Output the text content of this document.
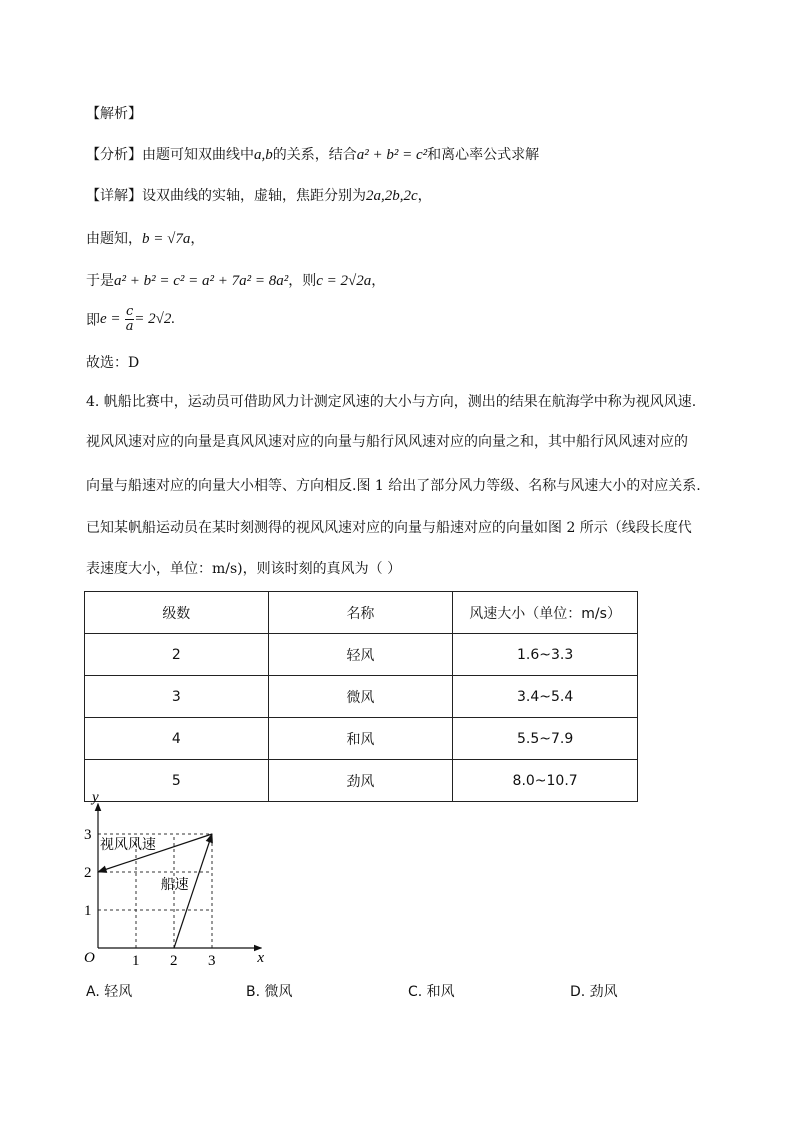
【解析】
【分析】由题可知双曲线中a,b的关系，结合a² + b² = c²和离心率公式求解
【详解】设双曲线的实轴，虚轴，焦距分别为2a,2b,2c，
由题知，b = √7a，
于是a² + b² = c² = a² + 7a² = 8a²，则c = 2√2a，
即$e = \frac{c}{a} = 2√2$.
故选：D
4. 帆船比赛中，运动员可借助风力计测定风速的大小与方向，测出的结果在航海学中称为视风风速.
视风风速对应的向量是真风风速对应的向量与船行风风速对应的向量之和，其中船行风风速对应的
向量与船速对应的向量大小相等、方向相反.图 1 给出了部分风力等级、名称与风速大小的对应关系.
已知某帆船运动员在某时刻测得的视风风速对应的向量与船速对应的向量如图 2 所示（线段长度代
表速度大小，单位：m/s)，则该时刻的真风为（ ）
级数	名称	风速大小（单位：m/s）
2	轻风	1.6~3.3
3	微风	3.4~5.4
4	和风	5.5~7.9
5	劲风	8.0~10.7
y
x
O 1 2 3
1
2
3
视风风速
船速
A. 轻风	B. 微风	C. 和风	D. 劲风
